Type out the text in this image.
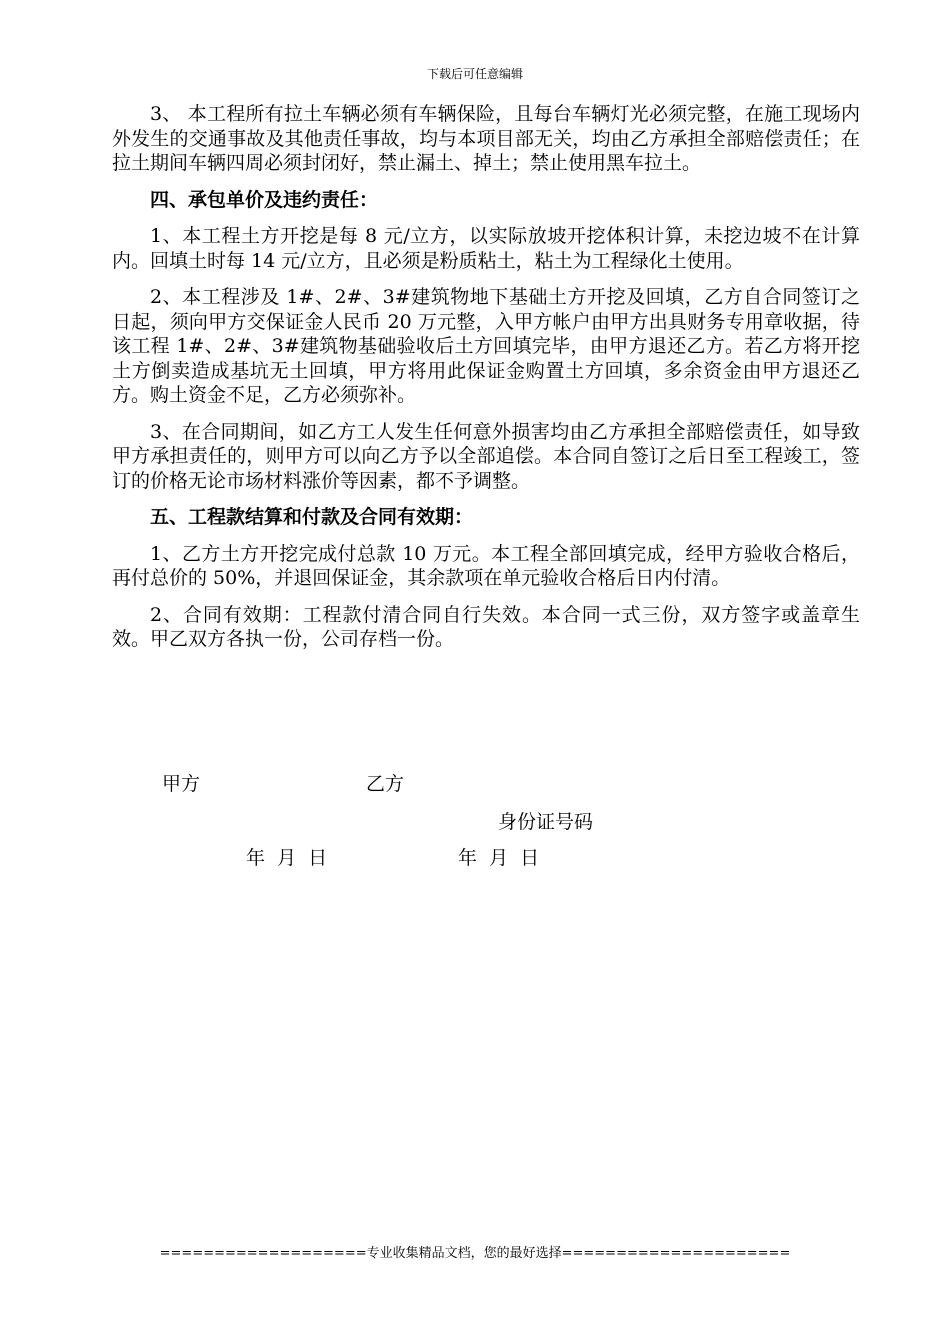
下载后可任意编辑

3、 本工程所有拉土车辆必须有车辆保险，且每台车辆灯光必须完整，在施工现场内外发生的交通事故及其他责任事故，均与本项目部无关，均由乙方承担全部赔偿责任；在拉土期间车辆四周必须封闭好，禁止漏土、掉土；禁止使用黑车拉土。

四、承包单价及违约责任：

1、本工程土方开挖是每 8 元/立方，以实际放坡开挖体积计算，未挖边坡不在计算内。回填土时每 14 元/立方，且必须是粉质粘土，粘土为工程绿化土使用。

2、本工程涉及 1#、2#、3#建筑物地下基础土方开挖及回填，乙方自合同签订之日起，须向甲方交保证金人民币 20 万元整，入甲方帐户由甲方出具财务专用章收据，待该工程 1#、2#、3#建筑物基础验收后土方回填完毕，由甲方退还乙方。若乙方将开挖土方倒卖造成基坑无土回填，甲方将用此保证金购置土方回填，多余资金由甲方退还乙方。购土资金不足，乙方必须弥补。

3、在合同期间，如乙方工人发生任何意外损害均由乙方承担全部赔偿责任，如导致甲方承担责任的，则甲方可以向乙方予以全部追偿。本合同自签订之后日至工程竣工，签订的价格无论市场材料涨价等因素，都不予调整。

五、工程款结算和付款及合同有效期：

1、乙方土方开挖完成付总款 10 万元。本工程全部回填完成，经甲方验收合格后，再付总价的 50%，并退回保证金，其余款项在单元验收合格后日内付清。

2、合同有效期：工程款付清合同自行失效。本合同一式三份，双方签字或盖章生效。甲乙双方各执一份，公司存档一份。

甲方	乙方
身份证号码
年  月  日	年  月  日
===================专业收集精品文档，您的最好选择=====================
